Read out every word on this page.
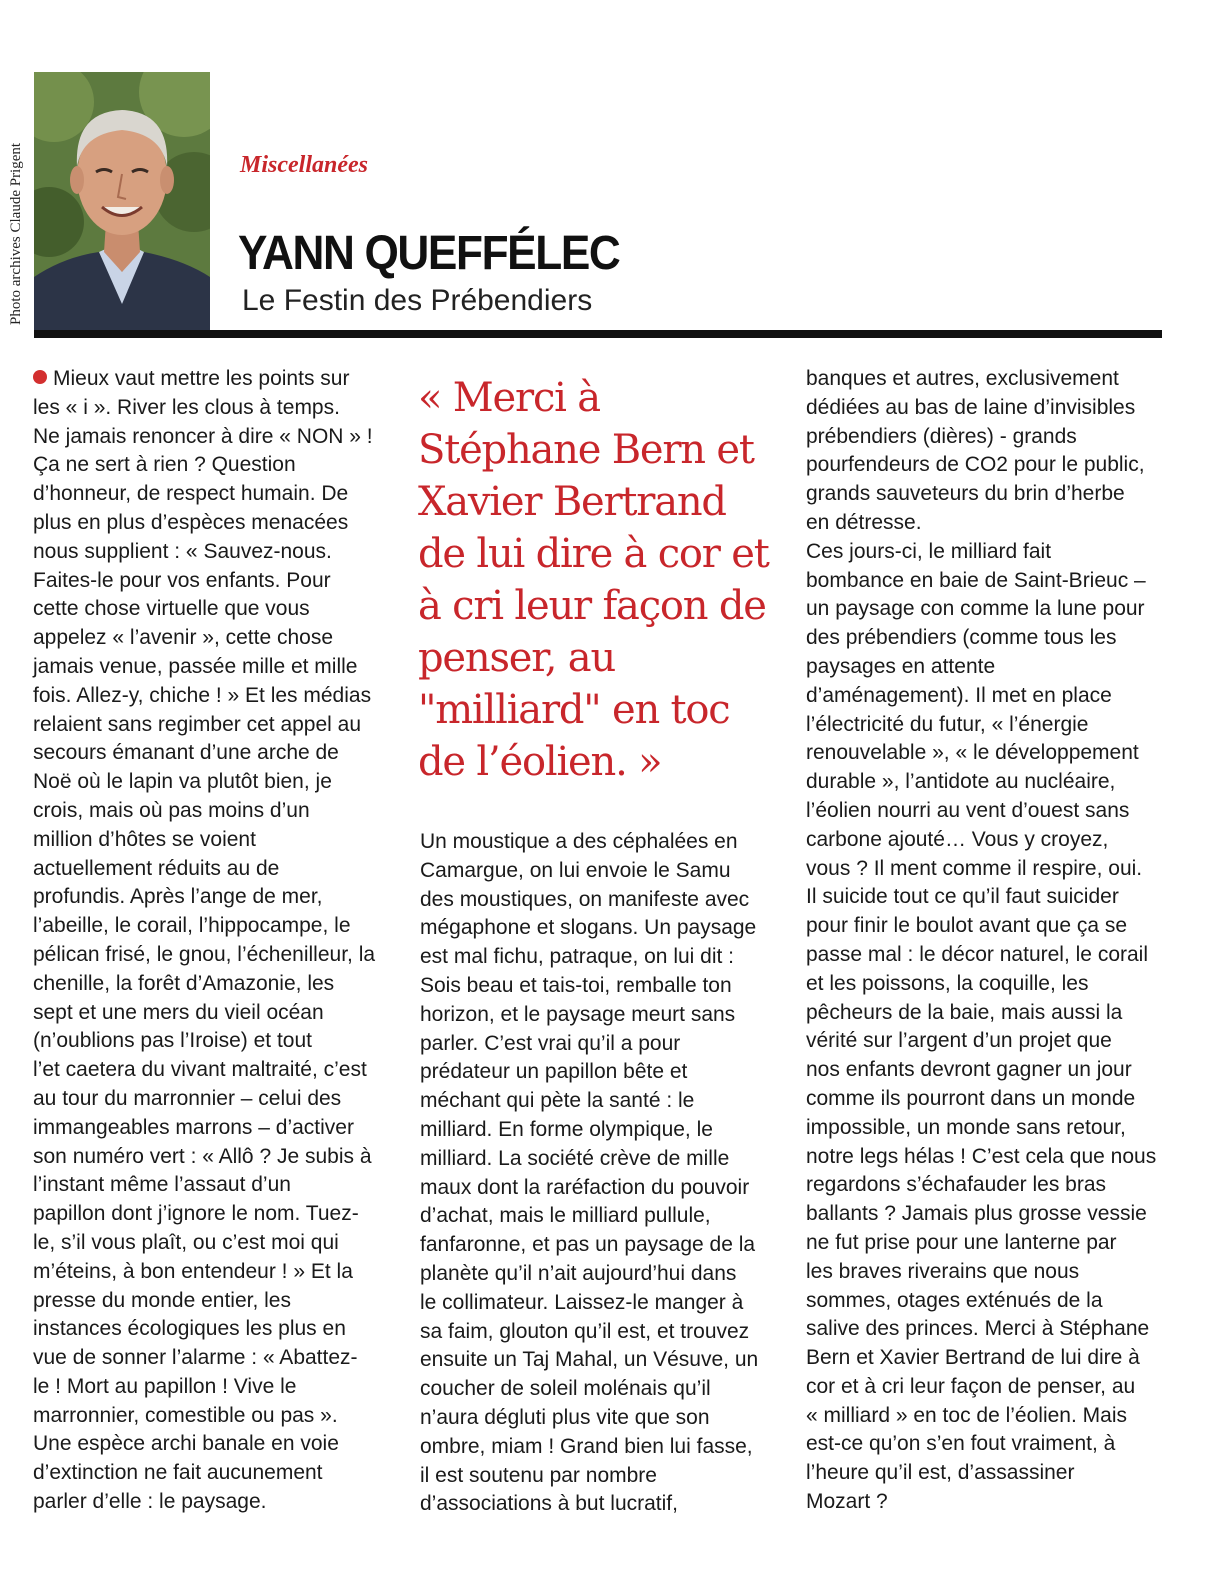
Photo archives Claude Prigent	Miscellanées
YANN QUEFFÉLEC
Le Festin des Prébendiers
Mieux vaut mettre les points sur
les « i ». River les clous à temps.
Ne jamais renoncer à dire « NON » !
Ça ne sert à rien ? Question
d’honneur, de respect humain. De
plus en plus d’espèces menacées
nous supplient : « Sauvez-nous.
Faites-le pour vos enfants. Pour
cette chose virtuelle que vous
appelez « l’avenir », cette chose
jamais venue, passée mille et mille
fois. Allez-y, chiche ! » Et les médias
relaient sans regimber cet appel au
secours émanant d’une arche de
Noë où le lapin va plutôt bien, je
crois, mais où pas moins d’un
million d’hôtes se voient
actuellement réduits au de
profundis. Après l’ange de mer,
l’abeille, le corail, l’hippocampe, le
pélican frisé, le gnou, l’échenilleur, la
chenille, la forêt d’Amazonie, les
sept et une mers du vieil océan
(n’oublions pas l’Iroise) et tout
l’et caetera du vivant maltraité, c’est
au tour du marronnier – celui des
immangeables marrons – d’activer
son numéro vert : « Allô ? Je subis à
l’instant même l’assaut d’un
papillon dont j’ignore le nom. Tuez-
le, s’il vous plaît, ou c’est moi qui
m’éteins, à bon entendeur ! » Et la
presse du monde entier, les
instances écologiques les plus en
vue de sonner l’alarme : « Abattez-
le ! Mort au papillon ! Vive le
marronnier, comestible ou pas ».
Une espèce archi banale en voie
d’extinction ne fait aucunement
parler d’elle : le paysage.
« Merci à
Stéphane Bern et
Xavier Bertrand
de lui dire à cor et
à cri leur façon de
penser, au
"milliard" en toc
de l’éolien. »
Un moustique a des céphalées en
Camargue, on lui envoie le Samu
des moustiques, on manifeste avec
mégaphone et slogans. Un paysage
est mal fichu, patraque, on lui dit :
Sois beau et tais-toi, remballe ton
horizon, et le paysage meurt sans
parler. C’est vrai qu’il a pour
prédateur un papillon bête et
méchant qui pète la santé : le
milliard. En forme olympique, le
milliard. La société crève de mille
maux dont la raréfaction du pouvoir
d’achat, mais le milliard pullule,
fanfaronne, et pas un paysage de la
planète qu’il n’ait aujourd’hui dans
le collimateur. Laissez-le manger à
sa faim, glouton qu’il est, et trouvez
ensuite un Taj Mahal, un Vésuve, un
coucher de soleil molénais qu’il
n’aura dégluti plus vite que son
ombre, miam ! Grand bien lui fasse,
il est soutenu par nombre
d’associations à but lucratif,
banques et autres, exclusivement
dédiées au bas de laine d’invisibles
prébendiers (dières) - grands
pourfendeurs de CO2 pour le public,
grands sauveteurs du brin d’herbe
en détresse.
Ces jours-ci, le milliard fait
bombance en baie de Saint-Brieuc –
un paysage con comme la lune pour
des prébendiers (comme tous les
paysages en attente
d’aménagement). Il met en place
l’électricité du futur, « l’énergie
renouvelable », « le développement
durable », l’antidote au nucléaire,
l’éolien nourri au vent d’ouest sans
carbone ajouté… Vous y croyez,
vous ? Il ment comme il respire, oui.
Il suicide tout ce qu’il faut suicider
pour finir le boulot avant que ça se
passe mal : le décor naturel, le corail
et les poissons, la coquille, les
pêcheurs de la baie, mais aussi la
vérité sur l’argent d’un projet que
nos enfants devront gagner un jour
comme ils pourront dans un monde
impossible, un monde sans retour,
notre legs hélas ! C’est cela que nous
regardons s’échafauder les bras
ballants ? Jamais plus grosse vessie
ne fut prise pour une lanterne par
les braves riverains que nous
sommes, otages exténués de la
salive des princes. Merci à Stéphane
Bern et Xavier Bertrand de lui dire à
cor et à cri leur façon de penser, au
« milliard » en toc de l’éolien. Mais
est-ce qu’on s’en fout vraiment, à
l’heure qu’il est, d’assassiner
Mozart ?
